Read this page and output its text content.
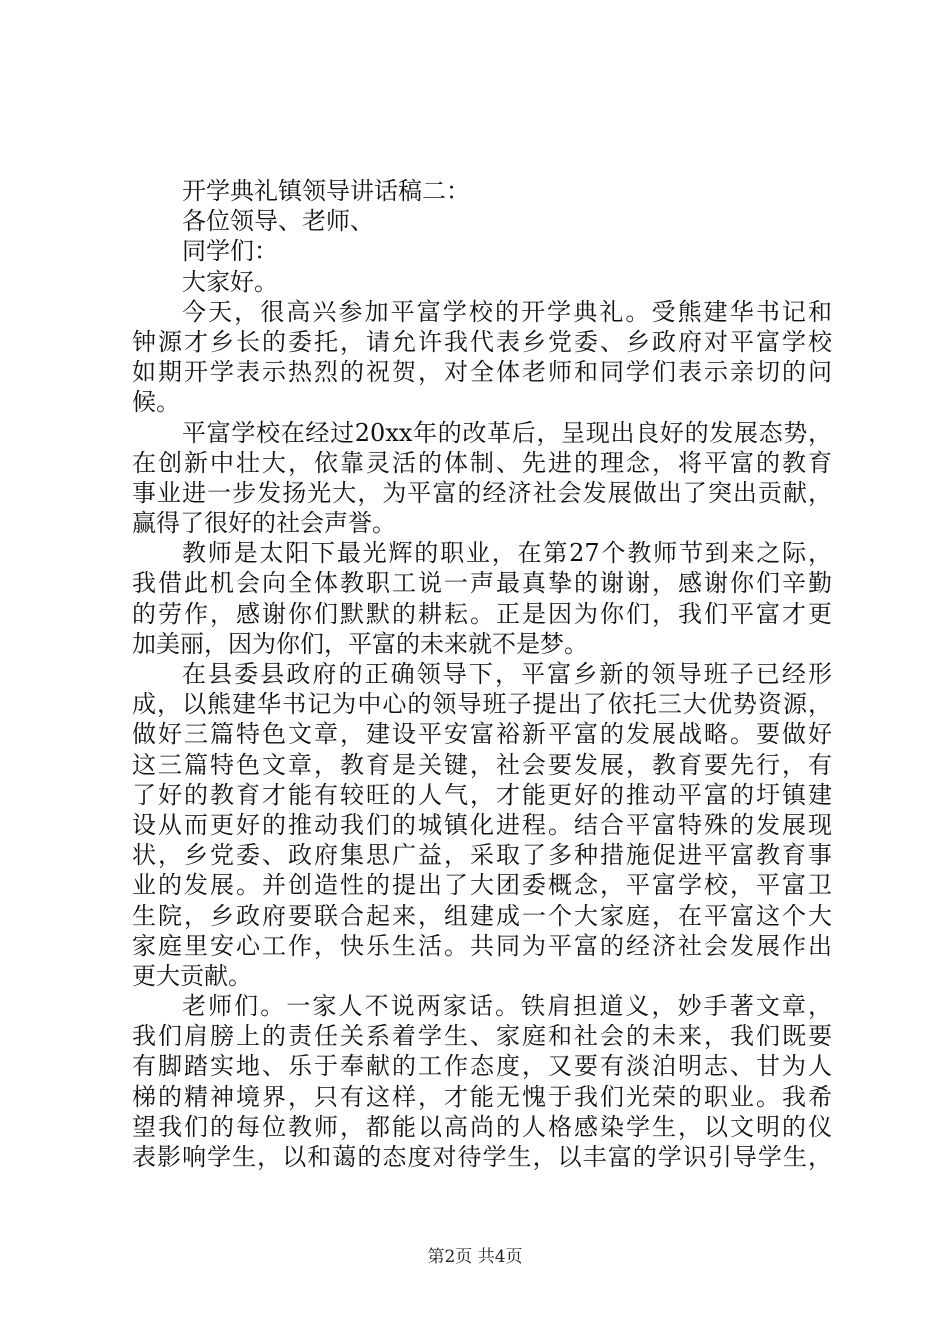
开学典礼镇领导讲话稿二：
各位领导、老师、
同学们：
大家好。
今天，很高兴参加平富学校的开学典礼。受熊建华书记和
钟源才乡长的委托，请允许我代表乡党委、乡政府对平富学校
如期开学表示热烈的祝贺，对全体老师和同学们表示亲切的问
候。
平富学校在经过20xx年的改革后，呈现出良好的发展态势，
在创新中壮大，依靠灵活的体制、先进的理念，将平富的教育
事业进一步发扬光大，为平富的经济社会发展做出了突出贡献，
赢得了很好的社会声誉。
教师是太阳下最光辉的职业，在第27个教师节到来之际，
我借此机会向全体教职工说一声最真挚的谢谢，感谢你们辛勤
的劳作，感谢你们默默的耕耘。正是因为你们，我们平富才更
加美丽，因为你们，平富的未来就不是梦。
在县委县政府的正确领导下，平富乡新的领导班子已经形
成，以熊建华书记为中心的领导班子提出了依托三大优势资源，
做好三篇特色文章，建设平安富裕新平富的发展战略。要做好
这三篇特色文章，教育是关键，社会要发展，教育要先行，有
了好的教育才能有较旺的人气，才能更好的推动平富的圩镇建
设从而更好的推动我们的城镇化进程。结合平富特殊的发展现
状，乡党委、政府集思广益，采取了多种措施促进平富教育事
业的发展。并创造性的提出了大团委概念，平富学校，平富卫
生院，乡政府要联合起来，组建成一个大家庭，在平富这个大
家庭里安心工作，快乐生活。共同为平富的经济社会发展作出
更大贡献。
老师们。一家人不说两家话。铁肩担道义，妙手著文章，
我们肩膀上的责任关系着学生、家庭和社会的未来，我们既要
有脚踏实地、乐于奉献的工作态度，又要有淡泊明志、甘为人
梯的精神境界，只有这样，才能无愧于我们光荣的职业。我希
望我们的每位教师，都能以高尚的人格感染学生，以文明的仪
表影响学生，以和蔼的态度对待学生，以丰富的学识引导学生，
第2页 共4页
